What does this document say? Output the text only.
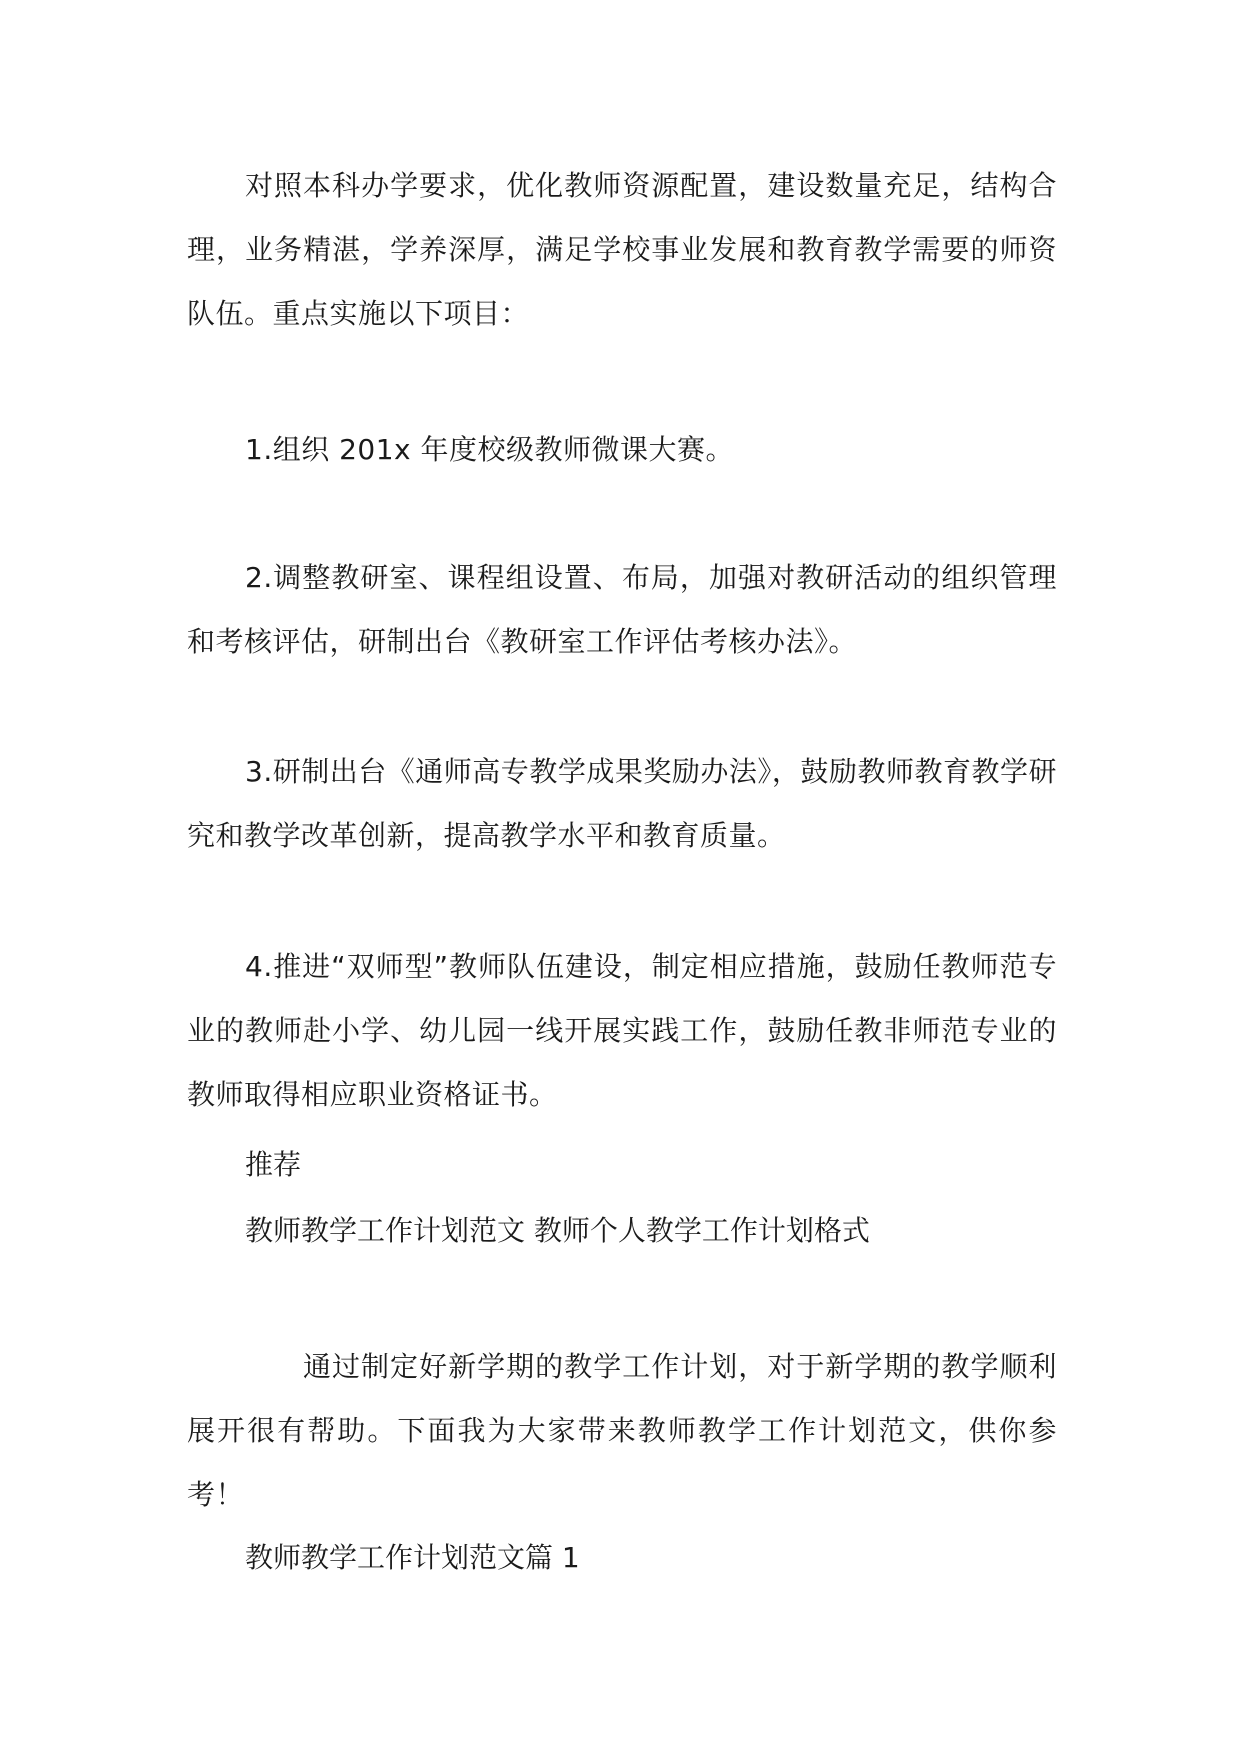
对照本科办学要求，优化教师资源配置，建设数量充足，结构合理，业务精湛，学养深厚，满足学校事业发展和教育教学需要的师资队伍。重点实施以下项目：

1.组织 201x 年度校级教师微课大赛。

2.调整教研室、课程组设置、布局，加强对教研活动的组织管理和考核评估，研制出台《教研室工作评估考核办法》。

3.研制出台《通师高专教学成果奖励办法》，鼓励教师教育教学研究和教学改革创新，提高教学水平和教育质量。

4.推进“双师型”教师队伍建设，制定相应措施，鼓励任教师范专业的教师赴小学、幼儿园一线开展实践工作，鼓励任教非师范专业的教师取得相应职业资格证书。

推荐

教师教学工作计划范文 教师个人教学工作计划格式

通过制定好新学期的教学工作计划，对于新学期的教学顺利展开很有帮助。下面我为大家带来教师教学工作计划范文，供你参考！

教师教学工作计划范文篇 1
